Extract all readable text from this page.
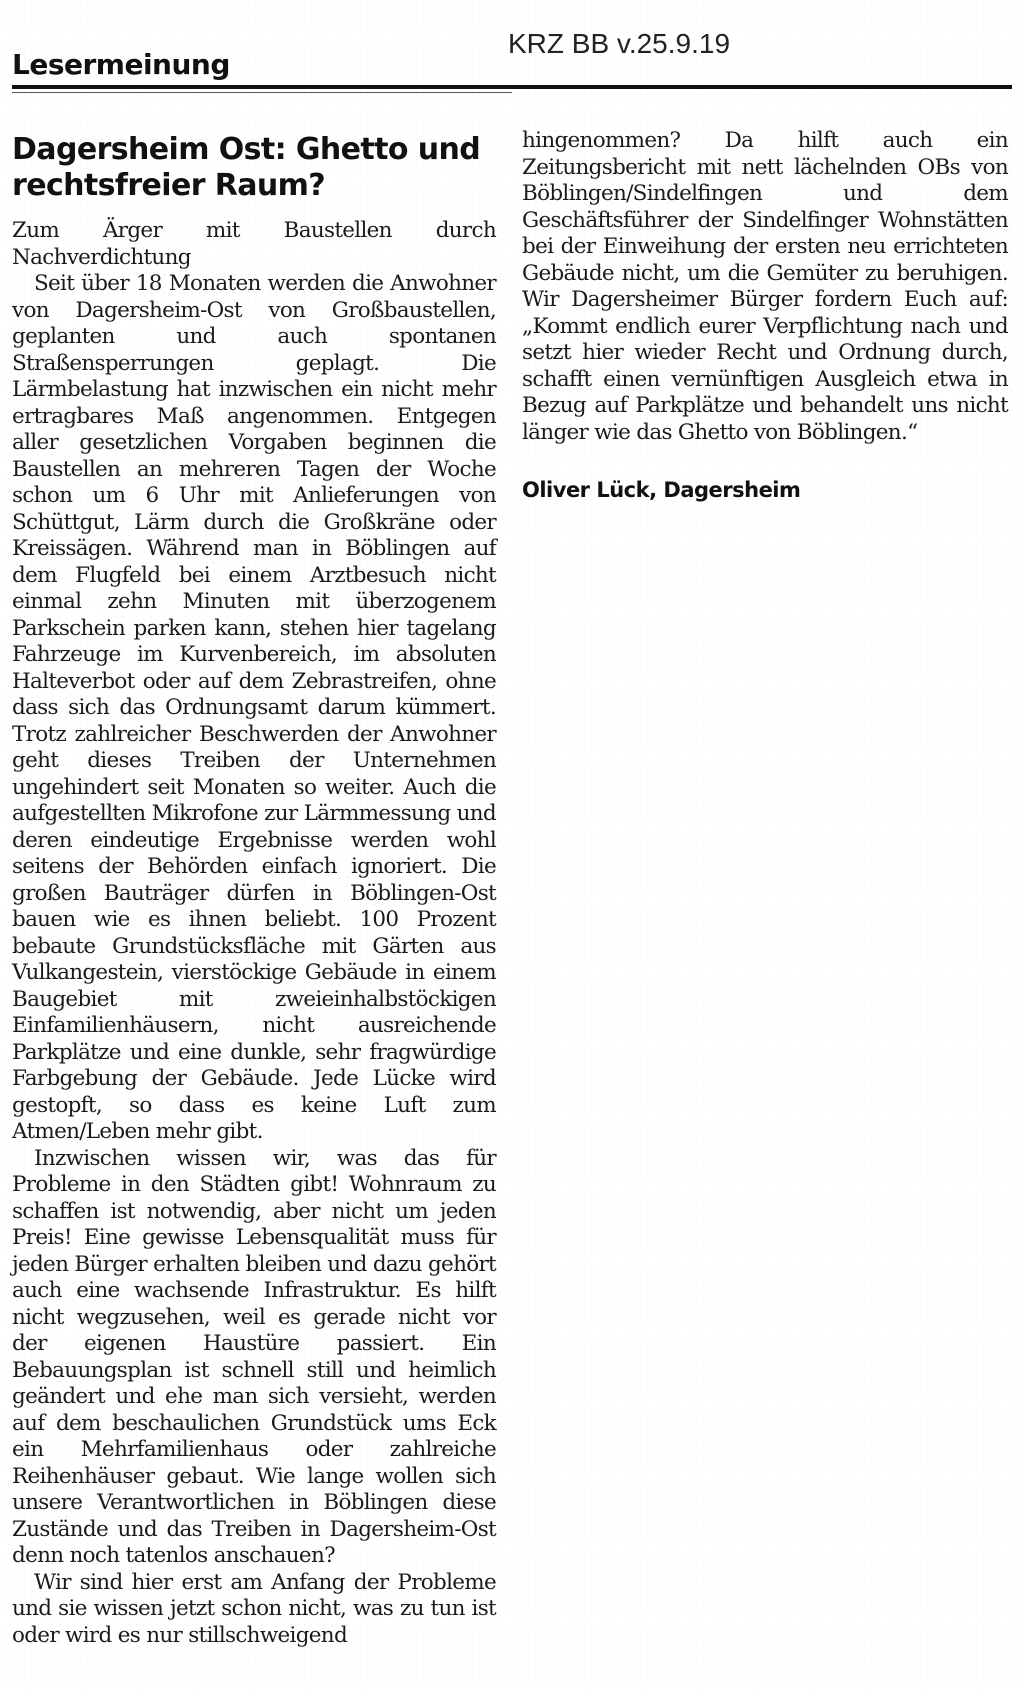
Lesermeinung
KRZ BB v.25.9.19
Dagersheim Ost: Ghetto und rechtsfreier Raum?

Zum Ärger mit Baustellen durch Nachverdichtung

Seit über 18 Monaten werden die Anwohner von Dagersheim-Ost von Großbaustellen, geplanten und auch spontanen Straßensperrungen geplagt. Die Lärmbelastung hat inzwischen ein nicht mehr ertragbares Maß angenommen. Entgegen aller gesetzlichen Vorgaben beginnen die Baustellen an mehreren Tagen der Woche schon um 6 Uhr mit Anlieferungen von Schüttgut, Lärm durch die Großkräne oder Kreissägen. Während man in Böblingen auf dem Flugfeld bei einem Arztbesuch nicht einmal zehn Minuten mit überzogenem Parkschein parken kann, stehen hier tagelang Fahrzeuge im Kurvenbereich, im absoluten Halteverbot oder auf dem Zebrastreifen, ohne dass sich das Ordnungsamt darum kümmert. Trotz zahlreicher Beschwerden der Anwohner geht dieses Treiben der Unternehmen ungehindert seit Monaten so weiter. Auch die aufgestellten Mikrofone zur Lärmmessung und deren eindeutige Ergebnisse werden wohl seitens der Behörden einfach ignoriert. Die großen Bauträger dürfen in Böblingen-Ost bauen wie es ihnen beliebt. 100 Prozent bebaute Grundstücksfläche mit Gärten aus Vulkangestein, vierstöckige Gebäude in einem Baugebiet mit zweieinhalbstöckigen Einfamilienhäusern, nicht ausreichende Parkplätze und eine dunkle, sehr fragwürdige Farbgebung der Gebäude. Jede Lücke wird gestopft, so dass es keine Luft zum Atmen/Leben mehr gibt.

Inzwischen wissen wir, was das für Probleme in den Städten gibt! Wohnraum zu schaffen ist notwendig, aber nicht um jeden Preis! Eine gewisse Lebensqualität muss für jeden Bürger erhalten bleiben und dazu gehört auch eine wachsende Infrastruktur. Es hilft nicht wegzusehen, weil es gerade nicht vor der eigenen Haustüre passiert. Ein Bebauungsplan ist schnell still und heimlich geändert und ehe man sich versieht, werden auf dem beschaulichen Grundstück ums Eck ein Mehrfamilienhaus oder zahlreiche Reihenhäuser gebaut. Wie lange wollen sich unsere Verantwortlichen in Böblingen diese Zustände und das Treiben in Dagersheim-Ost denn noch tatenlos anschauen?

Wir sind hier erst am Anfang der Probleme und sie wissen jetzt schon nicht, was zu tun ist oder wird es nur stillschweigend

hingenommen? Da hilft auch ein Zeitungsbericht mit nett lächelnden OBs von Böblingen/Sindelfingen und dem Geschäftsführer der Sindelfinger Wohnstätten bei der Einweihung der ersten neu errichteten Gebäude nicht, um die Gemüter zu beruhigen. Wir Dagersheimer Bürger fordern Euch auf: „Kommt endlich eurer Verpflichtung nach und setzt hier wieder Recht und Ordnung durch, schafft einen vernünftigen Ausgleich etwa in Bezug auf Parkplätze und behandelt uns nicht länger wie das Ghetto von Böblingen.“

Oliver Lück, Dagersheim
